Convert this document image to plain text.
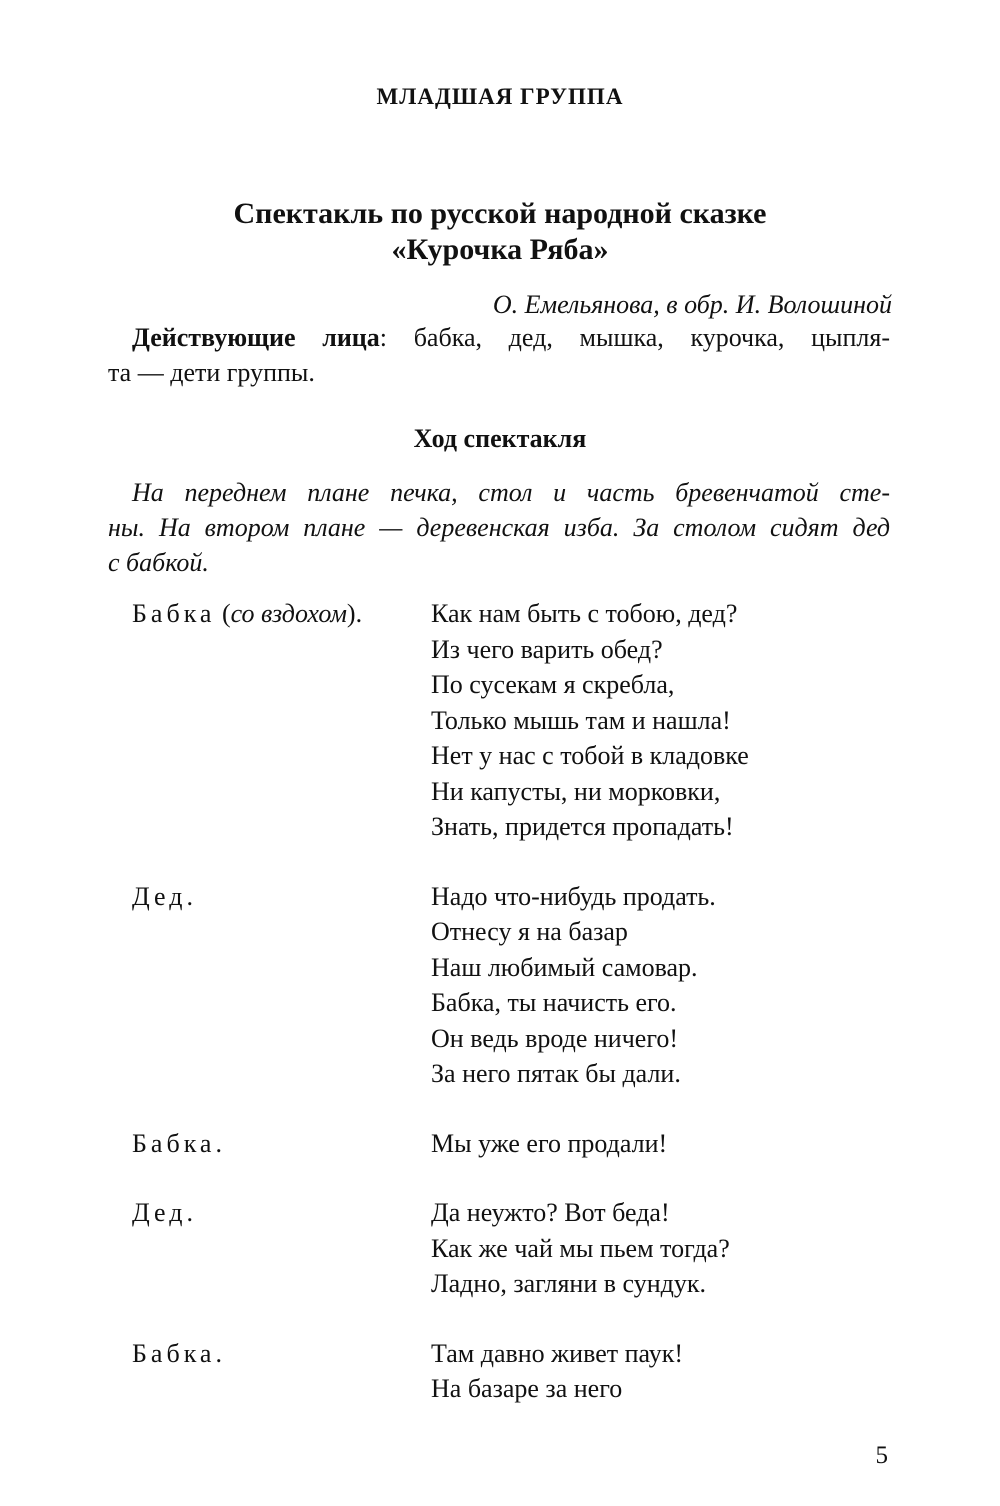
МЛАДШАЯ ГРУППА
Спектакль по русской народной сказке
«Курочка Ряба»
О. Емельянова, в обр. И. Волошиной
Действующие лица: бабка, дед, мышка, курочка, цыпля-
та — дети группы.
Ход спектакля
На переднем плане печка, стол и часть бревенчатой сте-
ны. На втором плане — деревенская изба. За столом сидят дед
с бабкой.
Бабка (со вздохом).	Как нам быть с тобою, дед?
Из чего варить обед?
По сусекам я скребла,
Только мышь там и нашла!
Нет у нас с тобой в кладовке
Ни капусты, ни морковки,
Знать, придется пропадать!
Дед.	Надо что-нибудь продать.
Отнесу я на базар
Наш любимый самовар.
Бабка, ты начисть его.
Он ведь вроде ничего!
За него пятак бы дали.
Бабка.	Мы уже его продали!
Дед.	Да неужто? Вот беда!
Как же чай мы пьем тогда?
Ладно, загляни в сундук.
Бабка.	Там давно живет паук!
На базаре за него
5
